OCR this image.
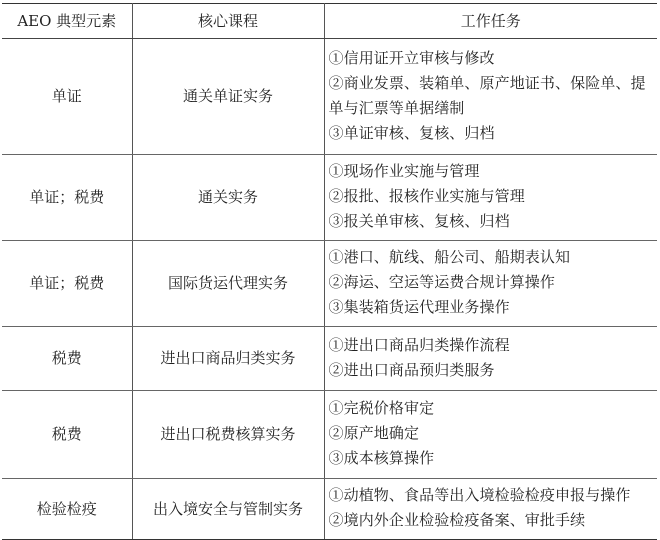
AEO 典型元素	核心课程	工作任务
单证	通关单证实务	①信用证开立审核与修改
②商业发票、装箱单、原产地证书、保险单、提单与汇票等单据缮制
③单证审核、复核、归档

单证；税费	通关实务	①现场作业实施与管理
②报批、报核作业实施与管理
③报关单审核、复核、归档

单证；税费	国际货运代理实务	①港口、航线、船公司、船期表认知
②海运、空运等运费合规计算操作
③集装箱货运代理业务操作

税费	进出口商品归类实务	①进出口商品归类操作流程
②进出口商品预归类服务

税费	进出口税费核算实务	①完税价格审定
②原产地确定
③成本核算操作

检验检疫	出入境安全与管制实务	①动植物、食品等出入境检验检疫申报与操作
②境内外企业检验检疫备案、审批手续
